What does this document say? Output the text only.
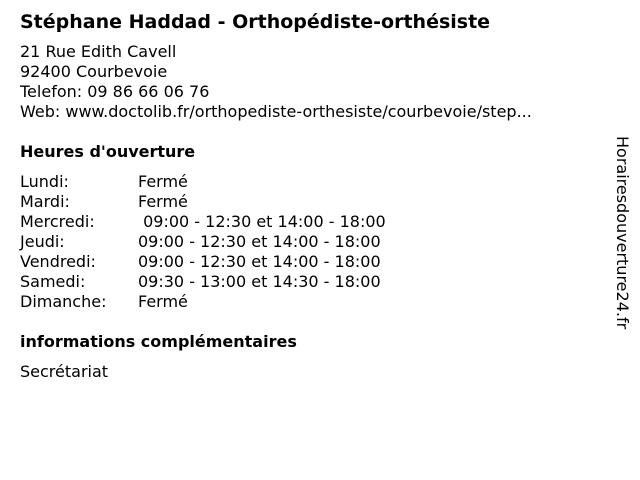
Stéphane Haddad - Orthopédiste-orthésiste
21 Rue Edith Cavell
92400 Courbevoie
Telefon: 09 86 66 06 76
Web: www.doctolib.fr/orthopediste-orthesiste/courbevoie/step...
Heures d'ouverture
Lundi:	Fermé
Mardi:	Fermé
Mercredi:	09:00 - 12:30 et 14:00 - 18:00
Jeudi:	09:00 - 12:30 et 14:00 - 18:00
Vendredi:	09:00 - 12:30 et 14:00 - 18:00
Samedi:	09:30 - 13:00 et 14:30 - 18:00
Dimanche:	Fermé
informations complémentaires
Secrétariat
Horairesdouverture24.fr
